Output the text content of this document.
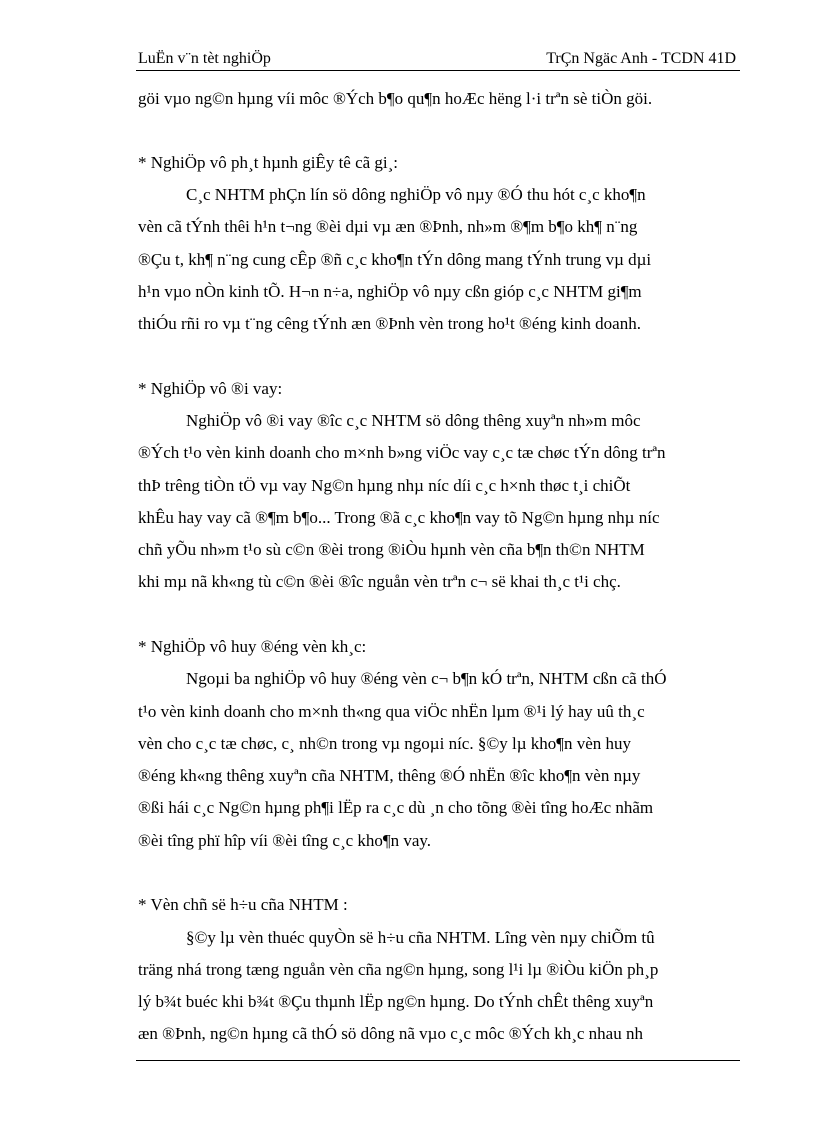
LuËn v¨n tèt nghiÖp	TrÇn Ngäc Anh - TCDN 41D
göi vµo ng©n hµng víi môc ®Ých b¶o qu¶n hoÆc hëng l·i trªn sè tiÒn göi.
* NghiÖp vô ph¸t hµnh giÊy tê cã gi¸:
C¸c NHTM phÇn lín sö dông nghiÖp vô nµy ®Ó thu hót c¸c kho¶n
vèn cã tÝnh thêi h¹n t¬ng ®èi dµi vµ æn ®Þnh, nh»m ®¶m b¶o kh¶ n¨ng
®Çu t, kh¶ n¨ng cung cÊp ®ñ c¸c kho¶n tÝn dông mang tÝnh trung vµ dµi
h¹n vµo nÒn kinh tÕ. H¬n n÷a, nghiÖp vô nµy cßn gióp c¸c NHTM gi¶m
thiÓu rñi ro vµ t¨ng cêng tÝnh æn ®Þnh vèn trong ho¹t ®éng kinh doanh.
* NghiÖp vô ®i vay:
NghiÖp vô ®i vay ®îc c¸c NHTM sö dông thêng xuyªn nh»m môc
®Ých t¹o vèn kinh doanh cho m×nh b»ng viÖc vay c¸c tæ chøc tÝn dông trªn
thÞ trêng tiÒn tÖ vµ vay Ng©n hµng nhµ níc díi c¸c h×nh thøc t¸i chiÕt
khÊu hay vay cã ®¶m b¶o... Trong ®ã c¸c kho¶n vay tõ Ng©n hµng nhµ níc
chñ yÕu nh»m t¹o sù c©n ®èi trong ®iÒu hµnh vèn cña b¶n th©n NHTM
khi mµ nã kh«ng tù c©n ®èi ®îc nguån vèn trªn c¬ së khai th¸c t¹i chç.
* NghiÖp vô huy ®éng vèn kh¸c:
Ngoµi ba nghiÖp vô huy ®éng vèn c¬ b¶n kÓ trªn, NHTM cßn cã thÓ
t¹o vèn kinh doanh cho m×nh th«ng qua viÖc nhËn lµm ®¹i lý hay uû th¸c
vèn cho c¸c tæ chøc, c¸ nh©n trong vµ ngoµi níc. §©y lµ kho¶n vèn huy
®éng kh«ng thêng xuyªn cña NHTM, thêng ®Ó nhËn ®îc kho¶n vèn nµy
®ßi hái c¸c Ng©n hµng ph¶i lËp ra c¸c dù ¸n cho tõng ®èi tîng hoÆc nhãm
®èi tîng phï hîp víi ®èi tîng c¸c kho¶n vay.
* Vèn chñ së h÷u cña NHTM :
§©y lµ vèn thuéc quyÒn së h÷u cña NHTM. Lîng vèn nµy chiÕm tû
träng nhá trong tæng nguån vèn cña ng©n hµng, song l¹i lµ ®iÒu kiÖn ph¸p
lý b¾t buéc khi b¾t ®Çu thµnh lËp ng©n hµng. Do tÝnh chÊt thêng xuyªn
æn ®Þnh, ng©n hµng cã thÓ sö dông nã vµo c¸c môc ®Ých kh¸c nhau nh
